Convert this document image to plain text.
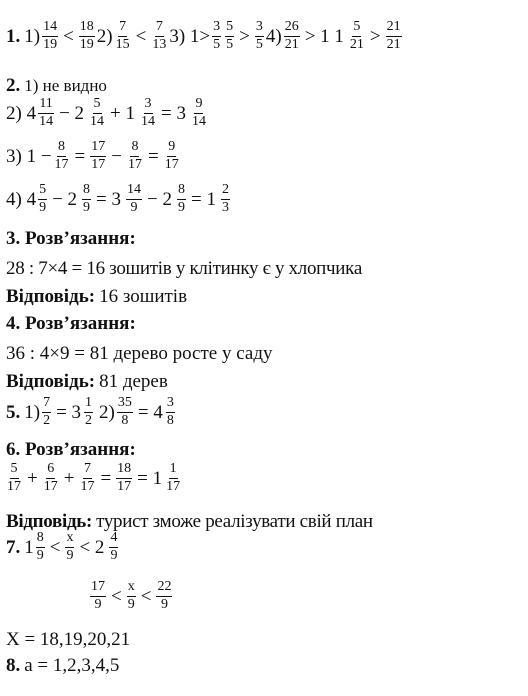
1. $1) \frac{14}{19} < \frac{18}{19} 2) \frac{7}{15} < \frac{7}{13} 3$) $1> \frac{3}{5} \frac{5}{5} > \frac{3}{5} 4) \frac{26}{21} > 1$ $1 \frac{5}{21} > \frac{21}{21}$
2. 1) не видно
2) $4 \frac{11}{14} - 2 \frac{5}{14} + 1 \frac{3}{14} = 3 \frac{9}{14}$
3) $1 - \frac{8}{17} = \frac{17}{17} - \frac{8}{17} = \frac{9}{17}$
4) $4 \frac{5}{9} - 2 \frac{8}{9} = 3 \frac{14}{9} - 2 \frac{8}{9} = 1 \frac{2}{3}$
3. Розв’язання:
28 : 7×4 = 16 зошитів у клітинку є у хлопчика
Відповідь: 16 зошитів
4. Розв’язання:
36 : 4×9 = 81 дерево росте у саду
Відповідь: 81 дерев
5. $1) \frac{7}{2} = 3 \frac{1}{2} 2) \frac{35}{8} = 4 \frac{3}{8}$
6. Розв’язання:
$\frac{5}{17} + \frac{6}{17} + \frac{7}{17} = \frac{18}{17} = 1 \frac{1}{17}$
Відповідь: турист зможе реалізувати свій план
7. $1 \frac{8}{9} < \frac{x}{9} < 2 \frac{4}{9}$
$\frac{17}{9} < \frac{x}{9} < \frac{22}{9}$
X = 18,19,20,21
8. a = 1,2,3,4,5
